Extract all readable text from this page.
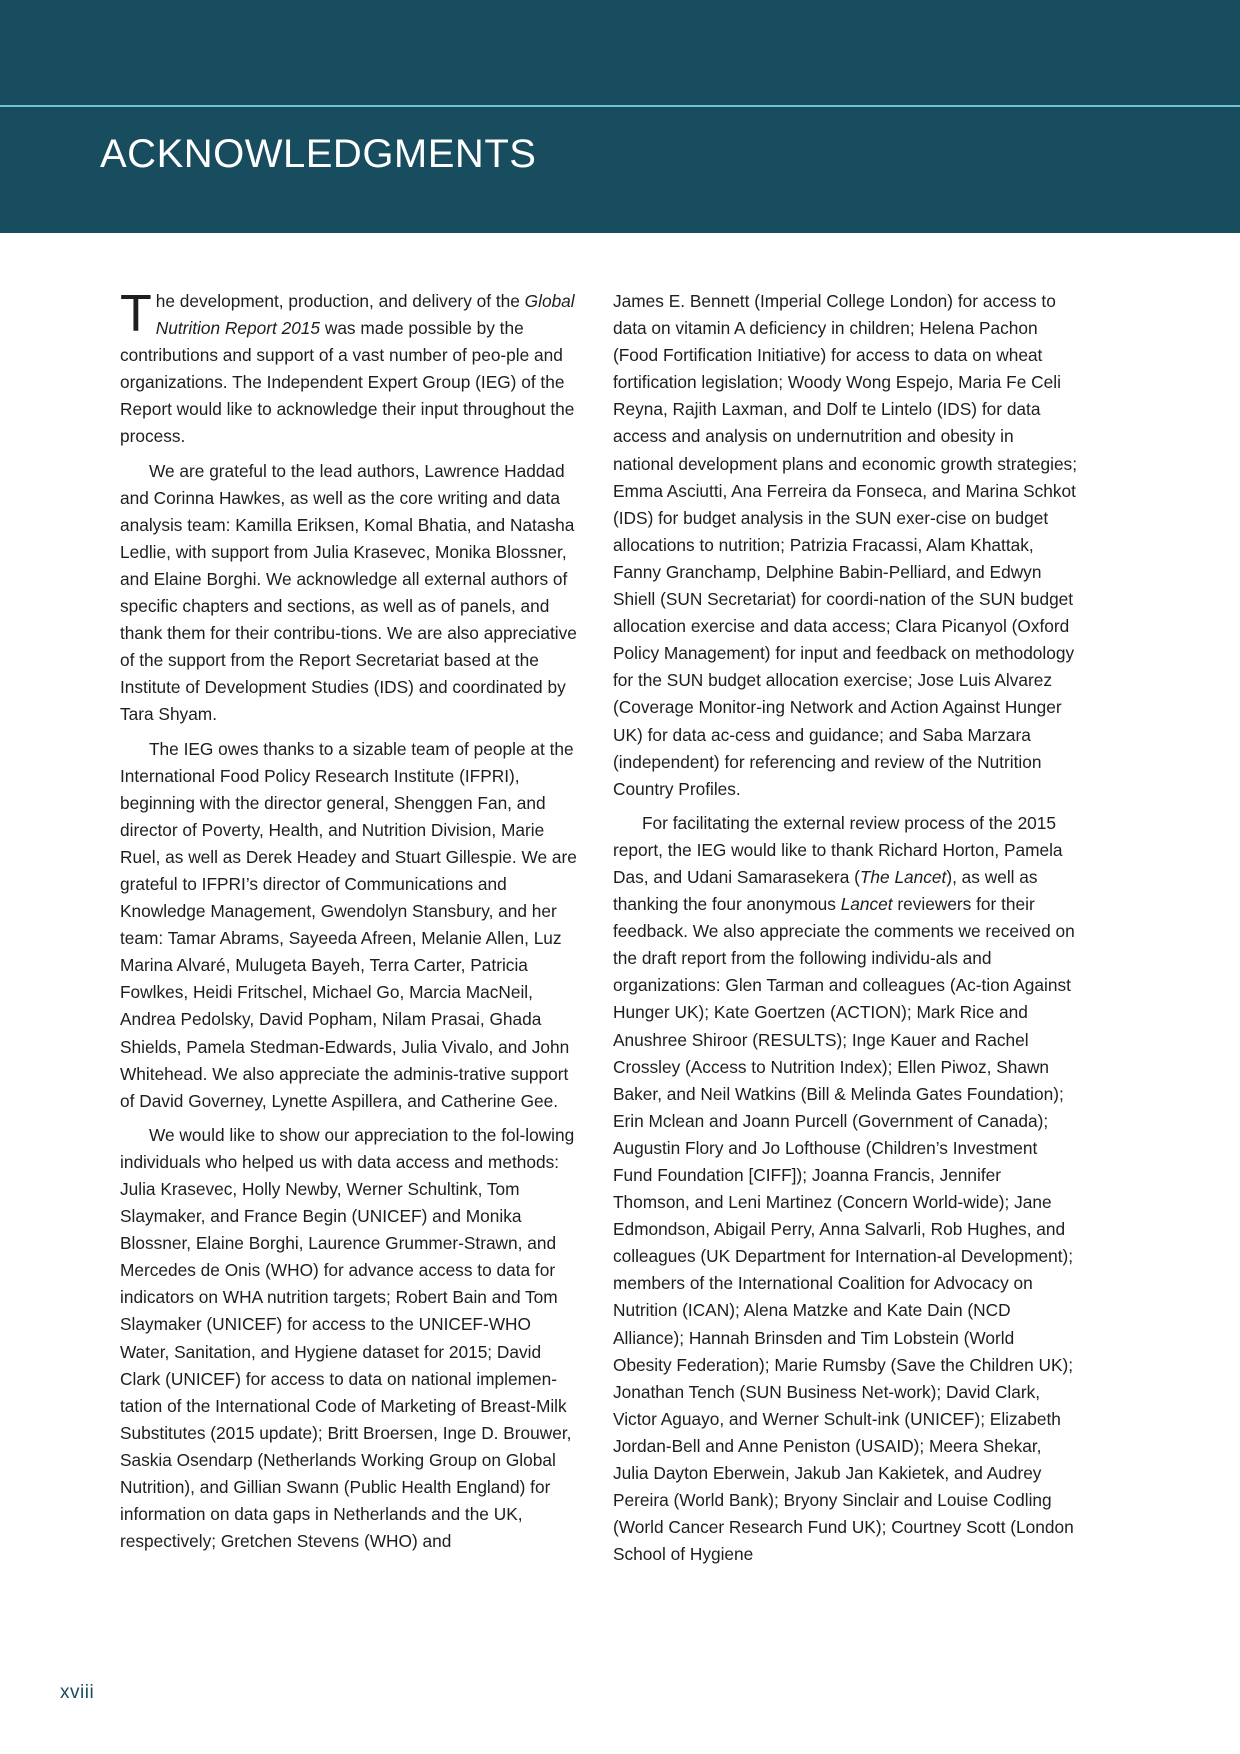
ACKNOWLEDGMENTS

The development, production, and delivery of the Global Nutrition Report 2015 was made possible by the contributions and support of a vast number of peo-ple and organizations. The Independent Expert Group (IEG) of the Report would like to acknowledge their input throughout the process.

We are grateful to the lead authors, Lawrence Haddad and Corinna Hawkes, as well as the core writing and data analysis team: Kamilla Eriksen, Komal Bhatia, and Natasha Ledlie, with support from Julia Krasevec, Monika Blossner, and Elaine Borghi. We acknowledge all external authors of specific chapters and sections, as well as of panels, and thank them for their contribu-tions. We are also appreciative of the support from the Report Secretariat based at the Institute of Development Studies (IDS) and coordinated by Tara Shyam.

The IEG owes thanks to a sizable team of people at the International Food Policy Research Institute (IFPRI), beginning with the director general, Shenggen Fan, and director of Poverty, Health, and Nutrition Division, Marie Ruel, as well as Derek Headey and Stuart Gillespie. We are grateful to IFPRI’s director of Communications and Knowledge Management, Gwendolyn Stansbury, and her team: Tamar Abrams, Sayeeda Afreen, Melanie Allen, Luz Marina Alvaré, Mulugeta Bayeh, Terra Carter, Patricia Fowlkes, Heidi Fritschel, Michael Go, Marcia MacNeil, Andrea Pedolsky, David Popham, Nilam Prasai, Ghada Shields, Pamela Stedman-Edwards, Julia Vivalo, and John Whitehead. We also appreciate the adminis-trative support of David Governey, Lynette Aspillera, and Catherine Gee.

We would like to show our appreciation to the fol-lowing individuals who helped us with data access and methods: Julia Krasevec, Holly Newby, Werner Schultink, Tom Slaymaker, and France Begin (UNICEF) and Monika Blossner, Elaine Borghi, Laurence Grummer-Strawn, and Mercedes de Onis (WHO) for advance access to data for indicators on WHA nutrition targets; Robert Bain and Tom Slaymaker (UNICEF) for access to the UNICEF-WHO Water, Sanitation, and Hygiene dataset for 2015; David Clark (UNICEF) for access to data on national implemen-tation of the International Code of Marketing of Breast-Milk Substitutes (2015 update); Britt Broersen, Inge D. Brouwer, Saskia Osendarp (Netherlands Working Group on Global Nutrition), and Gillian Swann (Public Health England) for information on data gaps in Netherlands and the UK, respectively; Gretchen Stevens (WHO) and

James E. Bennett (Imperial College London) for access to data on vitamin A deficiency in children; Helena Pachon (Food Fortification Initiative) for access to data on wheat fortification legislation; Woody Wong Espejo, Maria Fe Celi Reyna, Rajith Laxman, and Dolf te Lintelo (IDS) for data access and analysis on undernutrition and obesity in national development plans and economic growth strategies; Emma Asciutti, Ana Ferreira da Fonseca, and Marina Schkot (IDS) for budget analysis in the SUN exer-cise on budget allocations to nutrition; Patrizia Fracassi, Alam Khattak, Fanny Granchamp, Delphine Babin-Pelliard, and Edwyn Shiell (SUN Secretariat) for coordi-nation of the SUN budget allocation exercise and data access; Clara Picanyol (Oxford Policy Management) for input and feedback on methodology for the SUN budget allocation exercise; Jose Luis Alvarez (Coverage Monitor-ing Network and Action Against Hunger UK) for data ac-cess and guidance; and Saba Marzara (independent) for referencing and review of the Nutrition Country Profiles.

For facilitating the external review process of the 2015 report, the IEG would like to thank Richard Horton, Pamela Das, and Udani Samarasekera (The Lancet), as well as thanking the four anonymous Lancet reviewers for their feedback. We also appreciate the comments we received on the draft report from the following individu-als and organizations: Glen Tarman and colleagues (Ac-tion Against Hunger UK); Kate Goertzen (ACTION); Mark Rice and Anushree Shiroor (RESULTS); Inge Kauer and Rachel Crossley (Access to Nutrition Index); Ellen Piwoz, Shawn Baker, and Neil Watkins (Bill & Melinda Gates Foundation); Erin Mclean and Joann Purcell (Government of Canada); Augustin Flory and Jo Lofthouse (Children’s Investment Fund Foundation [CIFF]); Joanna Francis, Jennifer Thomson, and Leni Martinez (Concern World-wide); Jane Edmondson, Abigail Perry, Anna Salvarli, Rob Hughes, and colleagues (UK Department for Internation-al Development); members of the International Coalition for Advocacy on Nutrition (ICAN); Alena Matzke and Kate Dain (NCD Alliance); Hannah Brinsden and Tim Lobstein (World Obesity Federation); Marie Rumsby (Save the Children UK); Jonathan Tench (SUN Business Net-work); David Clark, Victor Aguayo, and Werner Schult-ink (UNICEF); Elizabeth Jordan-Bell and Anne Peniston (USAID); Meera Shekar, Julia Dayton Eberwein, Jakub Jan Kakietek, and Audrey Pereira (World Bank); Bryony Sinclair and Louise Codling (World Cancer Research Fund UK); Courtney Scott (London School of Hygiene

xviii
